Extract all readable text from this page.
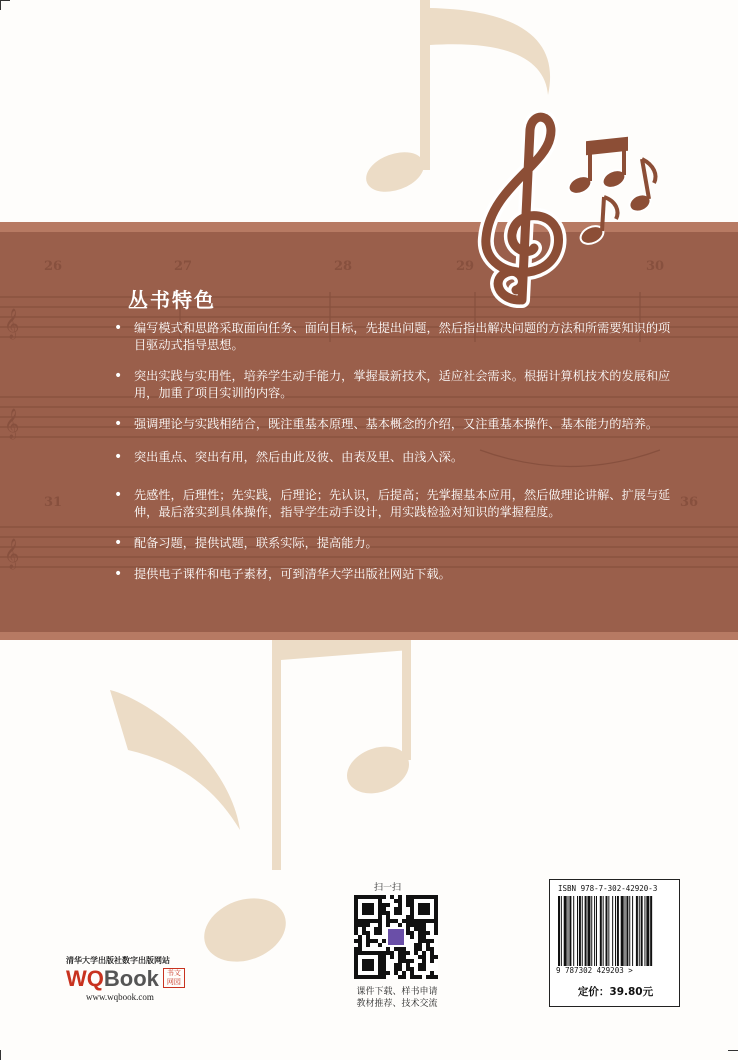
𝄞
𝄞
𝄞
26	27	28	29	30
31	36
丛书特色
• 编写模式和思路采取面向任务、面向目标，先提出问题，然后指出解决问题的方法和所需要知识的项目驱动式指导思想。
• 突出实践与实用性，培养学生动手能力，掌握最新技术，适应社会需求。根据计算机技术的发展和应用，加重了项目实训的内容。
• 强调理论与实践相结合，既注重基本原理、基本概念的介绍，又注重基本操作、基本能力的培养。
• 突出重点、突出有用，然后由此及彼、由表及里、由浅入深。
• 先感性，后理性；先实践，后理论；先认识，后提高；先掌握基本应用，然后做理论讲解、扩展与延伸，最后落实到具体操作，指导学生动手设计，用实践检验对知识的掌握程度。
• 配备习题，提供试题，联系实际，提高能力。
• 提供电子课件和电子素材，可到清华大学出版社网站下载。
清华大学出版社数字出版网站
WQBook 书文网园
www.wqbook.com
扫一扫
课件下载、样书申请
教材推荐、技术交流
ISBN 978-7-302-42920-3
9 787302 429203 >
定价：39.80元
